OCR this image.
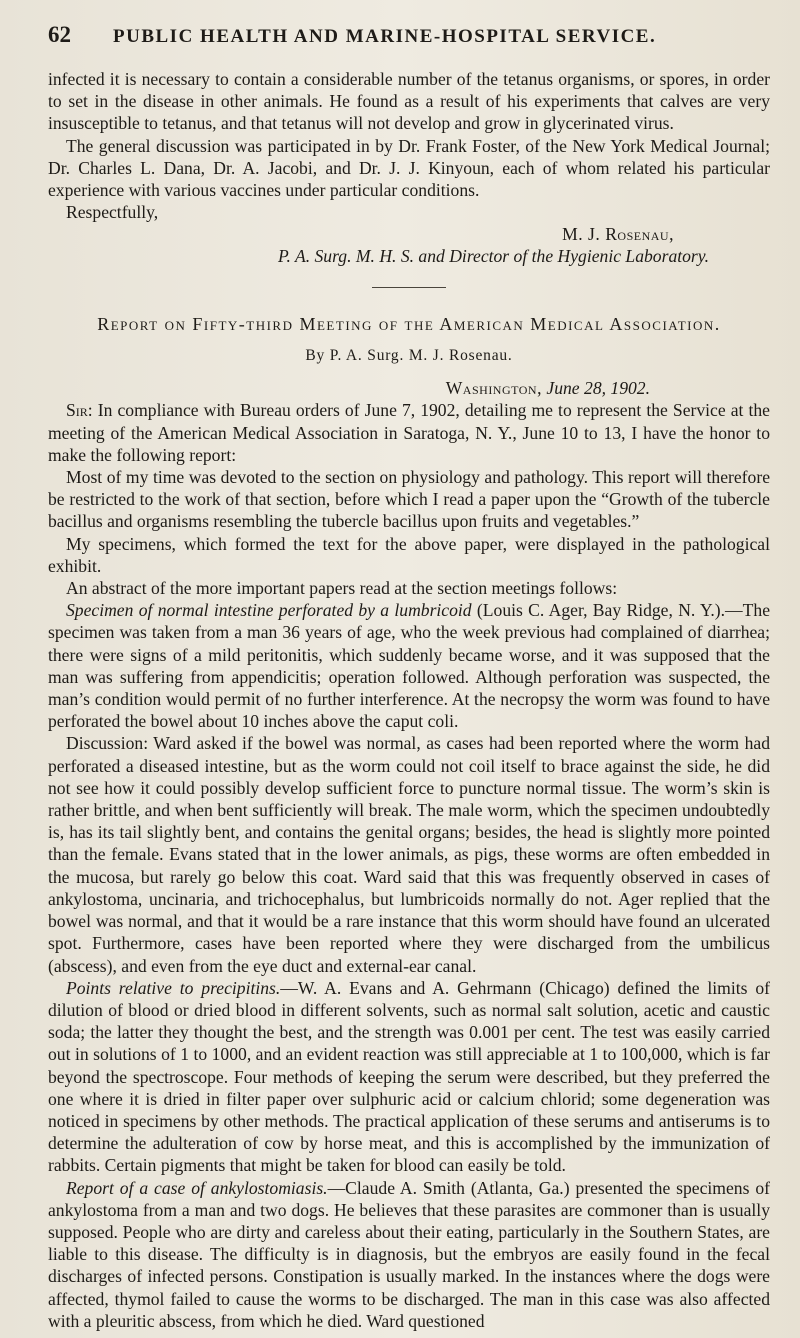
62 PUBLIC HEALTH AND MARINE-HOSPITAL SERVICE.

infected it is necessary to contain a considerable number of the tetanus organisms, or spores, in order to set in the disease in other animals. He found as a result of his experiments that calves are very insusceptible to tetanus, and that tetanus will not develop and grow in glycerinated virus.

The general discussion was participated in by Dr. Frank Foster, of the New York Medical Journal; Dr. Charles L. Dana, Dr. A. Jacobi, and Dr. J. J. Kinyoun, each of whom related his particular experience with various vaccines under particular conditions.

Respectfully,

M. J. Rosenau,
P. A. Surg. M. H. S. and Director of the Hygienic Laboratory.
Report on Fifty-third Meeting of the American Medical Association.
By P. A. Surg. M. J. Rosenau.
Washington, June 28, 1902.

Sir: In compliance with Bureau orders of June 7, 1902, detailing me to represent the Service at the meeting of the American Medical Association in Saratoga, N. Y., June 10 to 13, I have the honor to make the following report:

Most of my time was devoted to the section on physiology and pathology. This report will therefore be restricted to the work of that section, before which I read a paper upon the “Growth of the tubercle bacillus and organisms resembling the tubercle bacillus upon fruits and vegetables.”

My specimens, which formed the text for the above paper, were displayed in the pathological exhibit.

An abstract of the more important papers read at the section meetings follows:

Specimen of normal intestine perforated by a lumbricoid (Louis C. Ager, Bay Ridge, N. Y.).—The specimen was taken from a man 36 years of age, who the week previous had complained of diarrhea; there were signs of a mild peritonitis, which suddenly became worse, and it was supposed that the man was suffering from appendicitis; operation followed. Although perforation was suspected, the man’s condition would permit of no further interference. At the necropsy the worm was found to have perforated the bowel about 10 inches above the caput coli.

Discussion: Ward asked if the bowel was normal, as cases had been reported where the worm had perforated a diseased intestine, but as the worm could not coil itself to brace against the side, he did not see how it could possibly develop sufficient force to puncture normal tissue. The worm’s skin is rather brittle, and when bent sufficiently will break. The male worm, which the specimen undoubtedly is, has its tail slightly bent, and contains the genital organs; besides, the head is slightly more pointed than the female. Evans stated that in the lower animals, as pigs, these worms are often embedded in the mucosa, but rarely go below this coat. Ward said that this was frequently observed in cases of ankylostoma, uncinaria, and trichocephalus, but lumbricoids normally do not. Ager replied that the bowel was normal, and that it would be a rare instance that this worm should have found an ulcerated spot. Furthermore, cases have been reported where they were discharged from the umbilicus (abscess), and even from the eye duct and external-ear canal.

Points relative to precipitins.—W. A. Evans and A. Gehrmann (Chicago) defined the limits of dilution of blood or dried blood in different solvents, such as normal salt solution, acetic and caustic soda; the latter they thought the best, and the strength was 0.001 per cent. The test was easily carried out in solutions of 1 to 1000, and an evident reaction was still appreciable at 1 to 100,000, which is far beyond the spectroscope. Four methods of keeping the serum were described, but they preferred the one where it is dried in filter paper over sulphuric acid or calcium chlorid; some degeneration was noticed in specimens by other methods. The practical application of these serums and antiserums is to determine the adulteration of cow by horse meat, and this is accomplished by the immunization of rabbits. Certain pigments that might be taken for blood can easily be told.

Report of a case of ankylostomiasis.—Claude A. Smith (Atlanta, Ga.) presented the specimens of ankylostoma from a man and two dogs. He believes that these parasites are commoner than is usually supposed. People who are dirty and careless about their eating, particularly in the Southern States, are liable to this disease. The difficulty is in diagnosis, but the embryos are easily found in the fecal discharges of infected persons. Constipation is usually marked. In the instances where the dogs were affected, thymol failed to cause the worms to be discharged. The man in this case was also affected with a pleuritic abscess, from which he died. Ward questioned
